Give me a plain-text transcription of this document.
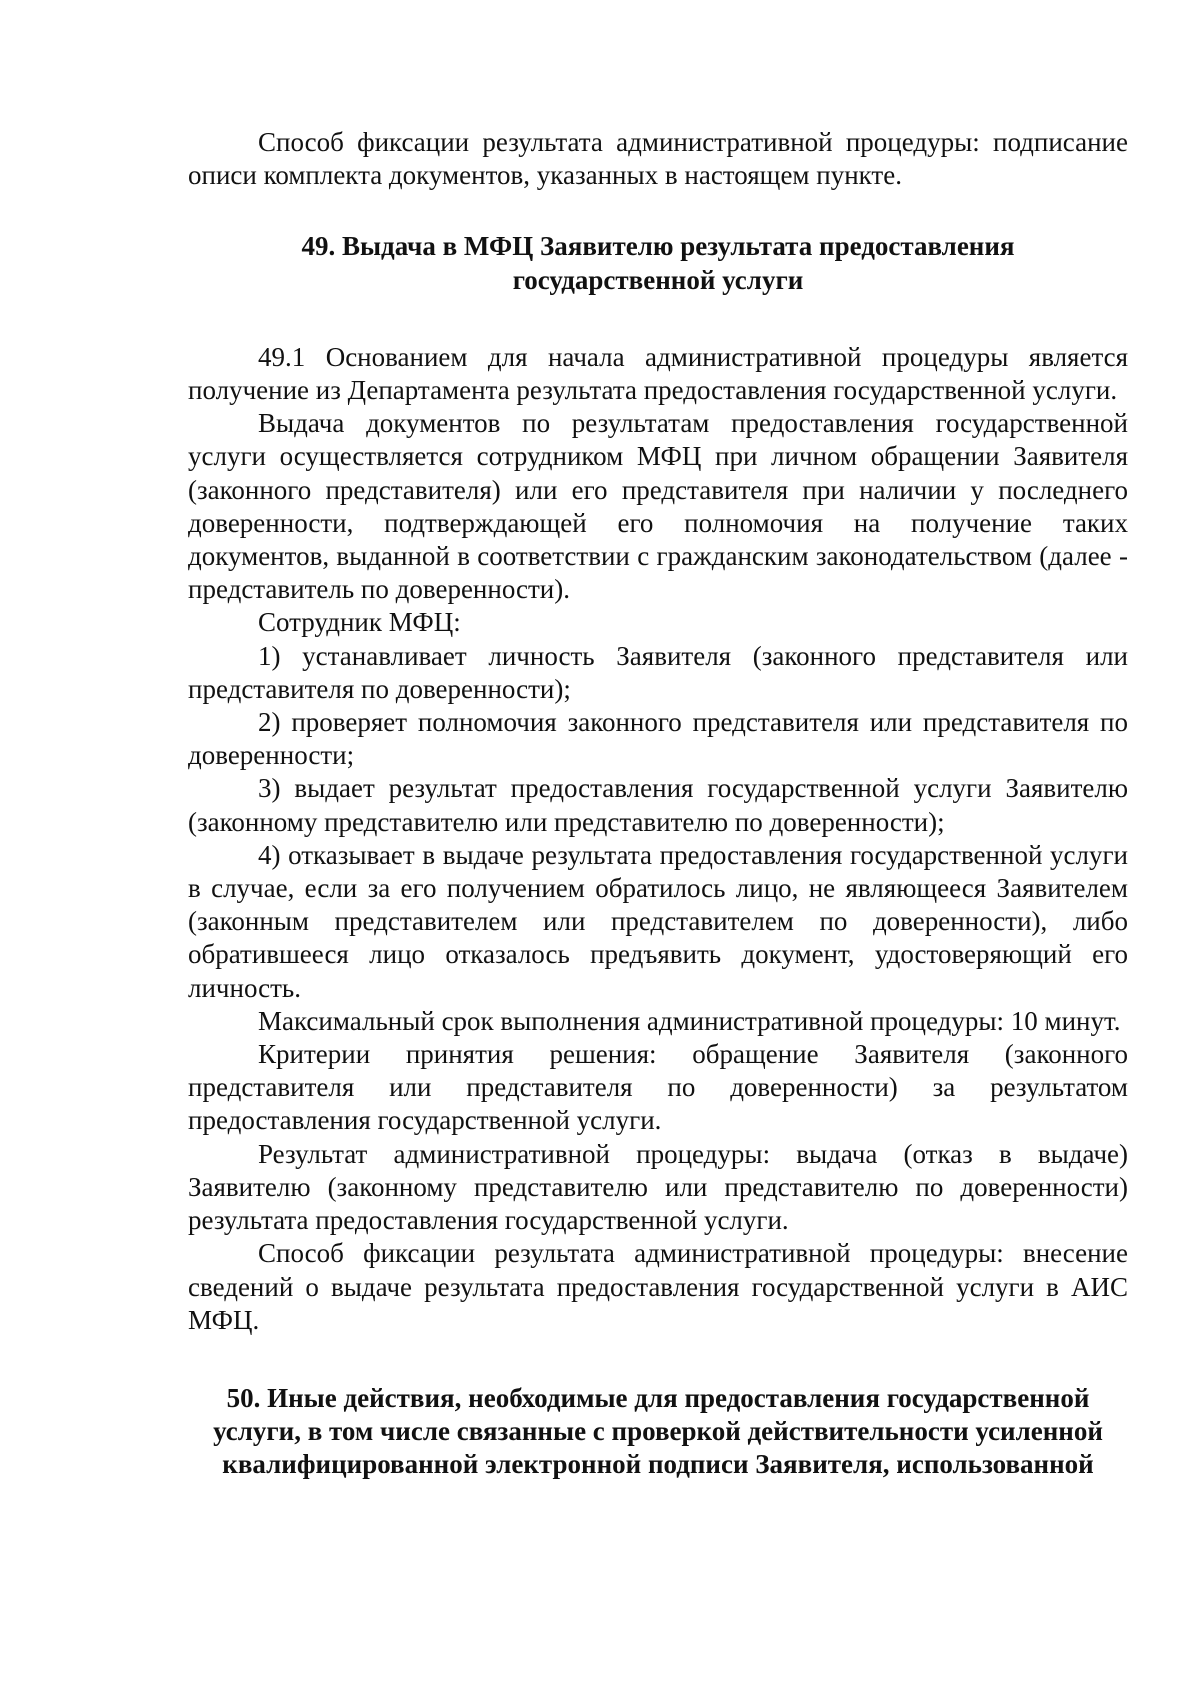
Способ фиксации результата административной процедуры: подписание описи комплекта документов, указанных в настоящем пункте.

49. Выдача в МФЦ Заявителю результата предоставления
государственной услуги

49.1 Основанием для начала административной процедуры является получение из Департамента результата предоставления государственной услуги.

Выдача документов по результатам предоставления государственной услуги осуществляется сотрудником МФЦ при личном обращении Заявителя (законного представителя) или его представителя при наличии у последнего доверенности, подтверждающей его полномочия на получение таких документов, выданной в соответствии с гражданским законодательством (далее - представитель по доверенности).

Сотрудник МФЦ:

1) устанавливает личность Заявителя (законного представителя или представителя по доверенности);

2) проверяет полномочия законного представителя или представителя по доверенности;

3) выдает результат предоставления государственной услуги Заявителю (законному представителю или представителю по доверенности);

4) отказывает в выдаче результата предоставления государственной услуги в случае, если за его получением обратилось лицо, не являющееся Заявителем (законным представителем или представителем по доверенности), либо обратившееся лицо отказалось предъявить документ, удостоверяющий его личность.

Максимальный срок выполнения административной процедуры: 10 минут.

Критерии принятия решения: обращение Заявителя (законного представителя или представителя по доверенности) за результатом предоставления государственной услуги.

Результат административной процедуры: выдача (отказ в выдаче) Заявителю (законному представителю или представителю по доверенности) результата предоставления государственной услуги.

Способ фиксации результата административной процедуры: внесение сведений о выдаче результата предоставления государственной услуги в АИС МФЦ.

50. Иные действия, необходимые для предоставления государственной
услуги, в том числе связанные с проверкой действительности усиленной
квалифицированной электронной подписи Заявителя, использованной
